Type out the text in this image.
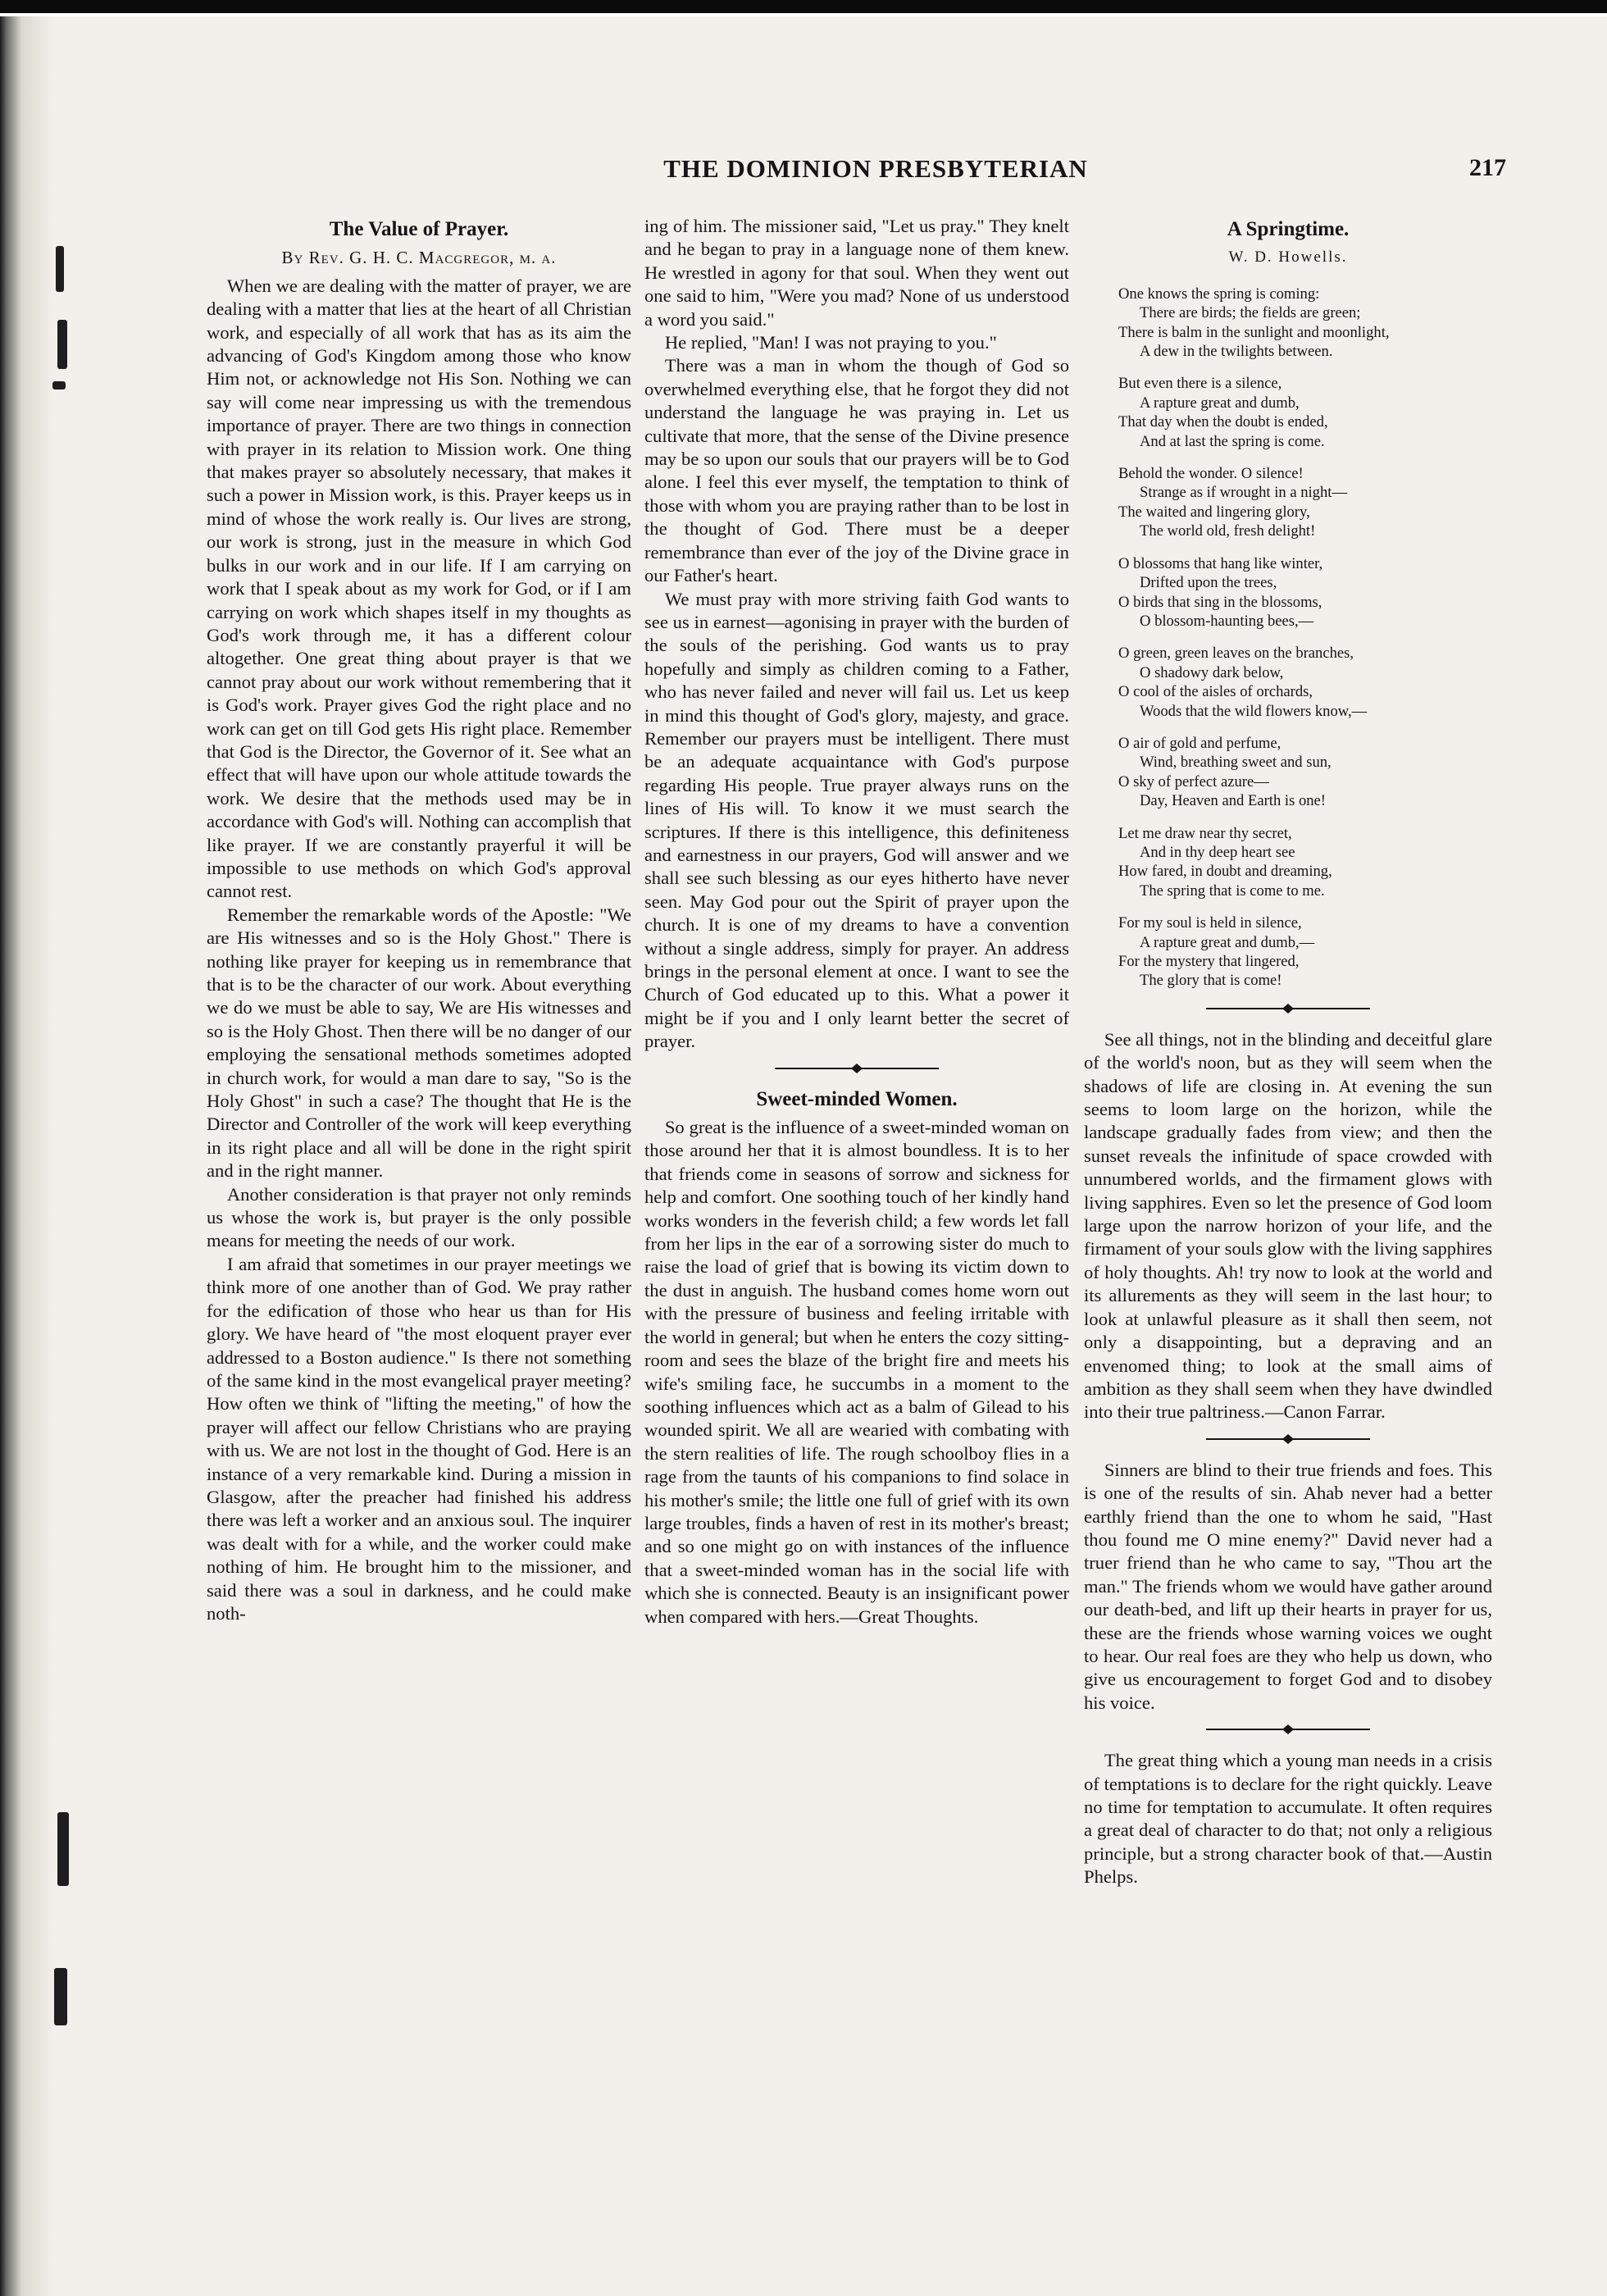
THE DOMINION PRESBYTERIAN	217
The Value of Prayer.
By Rev. G. H. C. Macgregor, m. a.

When we are dealing with the matter of prayer, we are dealing with a matter that lies at the heart of all Christian work, and especially of all work that has as its aim the advancing of God's Kingdom among those who know Him not, or acknowledge not His Son. Nothing we can say will come near impressing us with the tremendous importance of prayer. There are two things in connection with prayer in its relation to Mission work. One thing that makes prayer so absolutely necessary, that makes it such a power in Mission work, is this. Prayer keeps us in mind of whose the work really is. Our lives are strong, our work is strong, just in the measure in which God bulks in our work and in our life. If I am carrying on work that I speak about as my work for God, or if I am carrying on work which shapes itself in my thoughts as God's work through me, it has a different colour altogether. One great thing about prayer is that we cannot pray about our work without remembering that it is God's work. Prayer gives God the right place and no work can get on till God gets His right place. Remember that God is the Director, the Governor of it. See what an effect that will have upon our whole attitude towards the work. We desire that the methods used may be in accordance with God's will. Nothing can accomplish that like prayer. If we are constantly prayerful it will be impossible to use methods on which God's approval cannot rest.

Remember the remarkable words of the Apostle: "We are His witnesses and so is the Holy Ghost." There is nothing like prayer for keeping us in remembrance that that is to be the character of our work. About everything we do we must be able to say, We are His witnesses and so is the Holy Ghost. Then there will be no danger of our employing the sensational methods sometimes adopted in church work, for would a man dare to say, "So is the Holy Ghost" in such a case? The thought that He is the Director and Controller of the work will keep everything in its right place and all will be done in the right spirit and in the right manner.

Another consideration is that prayer not only reminds us whose the work is, but prayer is the only possible means for meeting the needs of our work.

I am afraid that sometimes in our prayer meetings we think more of one another than of God. We pray rather for the edification of those who hear us than for His glory. We have heard of "the most eloquent prayer ever addressed to a Boston audience." Is there not something of the same kind in the most evangelical prayer meeting? How often we think of "lifting the meeting," of how the prayer will affect our fellow Christians who are praying with us. We are not lost in the thought of God. Here is an instance of a very remarkable kind. During a mission in Glasgow, after the preacher had finished his address there was left a worker and an anxious soul. The inquirer was dealt with for a while, and the worker could make nothing of him. He brought him to the missioner, and said there was a soul in darkness, and he could make noth-

ing of him. The missioner said, "Let us pray." They knelt and he began to pray in a language none of them knew. He wrestled in agony for that soul. When they went out one said to him, "Were you mad? None of us understood a word you said."

He replied, "Man! I was not praying to you."

There was a man in whom the though of God so overwhelmed everything else, that he forgot they did not understand the language he was praying in. Let us cultivate that more, that the sense of the Divine presence may be so upon our souls that our prayers will be to God alone. I feel this ever myself, the temptation to think of those with whom you are praying rather than to be lost in the thought of God. There must be a deeper remembrance than ever of the joy of the Divine grace in our Father's heart.

We must pray with more striving faith God wants to see us in earnest—agonising in prayer with the burden of the souls of the perishing. God wants us to pray hopefully and simply as children coming to a Father, who has never failed and never will fail us. Let us keep in mind this thought of God's glory, majesty, and grace. Remember our prayers must be intelligent. There must be an adequate acquaintance with God's purpose regarding His people. True prayer always runs on the lines of His will. To know it we must search the scriptures. If there is this intelligence, this definiteness and earnestness in our prayers, God will answer and we shall see such blessing as our eyes hitherto have never seen. May God pour out the Spirit of prayer upon the church. It is one of my dreams to have a convention without a single address, simply for prayer. An address brings in the personal element at once. I want to see the Church of God educated up to this. What a power it might be if you and I only learnt better the secret of prayer.

Sweet-minded Women.

So great is the influence of a sweet-minded woman on those around her that it is almost boundless. It is to her that friends come in seasons of sorrow and sickness for help and comfort. One soothing touch of her kindly hand works wonders in the feverish child; a few words let fall from her lips in the ear of a sorrowing sister do much to raise the load of grief that is bowing its victim down to the dust in anguish. The husband comes home worn out with the pressure of business and feeling irritable with the world in general; but when he enters the cozy sitting-room and sees the blaze of the bright fire and meets his wife's smiling face, he succumbs in a moment to the soothing influences which act as a balm of Gilead to his wounded spirit. We all are wearied with combating with the stern realities of life. The rough schoolboy flies in a rage from the taunts of his companions to find solace in his mother's smile; the little one full of grief with its own large troubles, finds a haven of rest in its mother's breast; and so one might go on with instances of the influence that a sweet-minded woman has in the social life with which she is connected. Beauty is an insignificant power when compared with hers.—Great Thoughts.

A Springtime.
W. D. Howells.
One knows the spring is coming:
There are birds; the fields are green;
There is balm in the sunlight and moonlight,
A dew in the twilights between.
But even there is a silence,
A rapture great and dumb,
That day when the doubt is ended,
And at last the spring is come.
Behold the wonder. O silence!
Strange as if wrought in a night—
The waited and lingering glory,
The world old, fresh delight!
O blossoms that hang like winter,
Drifted upon the trees,
O birds that sing in the blossoms,
O blossom-haunting bees,—
O green, green leaves on the branches,
O shadowy dark below,
O cool of the aisles of orchards,
Woods that the wild flowers know,—
O air of gold and perfume,
Wind, breathing sweet and sun,
O sky of perfect azure—
Day, Heaven and Earth is one!
Let me draw near thy secret,
And in thy deep heart see
How fared, in doubt and dreaming,
The spring that is come to me.
For my soul is held in silence,
A rapture great and dumb,—
For the mystery that lingered,
The glory that is come!

See all things, not in the blinding and deceitful glare of the world's noon, but as they will seem when the shadows of life are closing in. At evening the sun seems to loom large on the horizon, while the landscape gradually fades from view; and then the sunset reveals the infinitude of space crowded with unnumbered worlds, and the firmament glows with living sapphires. Even so let the presence of God loom large upon the narrow horizon of your life, and the firmament of your souls glow with the living sapphires of holy thoughts. Ah! try now to look at the world and its allurements as they will seem in the last hour; to look at unlawful pleasure as it shall then seem, not only a disappointing, but a depraving and an envenomed thing; to look at the small aims of ambition as they shall seem when they have dwindled into their true paltriness.—Canon Farrar.

Sinners are blind to their true friends and foes. This is one of the results of sin. Ahab never had a better earthly friend than the one to whom he said, "Hast thou found me O mine enemy?" David never had a truer friend than he who came to say, "Thou art the man." The friends whom we would have gather around our death-bed, and lift up their hearts in prayer for us, these are the friends whose warning voices we ought to hear. Our real foes are they who help us down, who give us encouragement to forget God and to disobey his voice.

The great thing which a young man needs in a crisis of temptations is to declare for the right quickly. Leave no time for temptation to accumulate. It often requires a great deal of character to do that; not only a religious principle, but a strong character book of that.—Austin Phelps.
